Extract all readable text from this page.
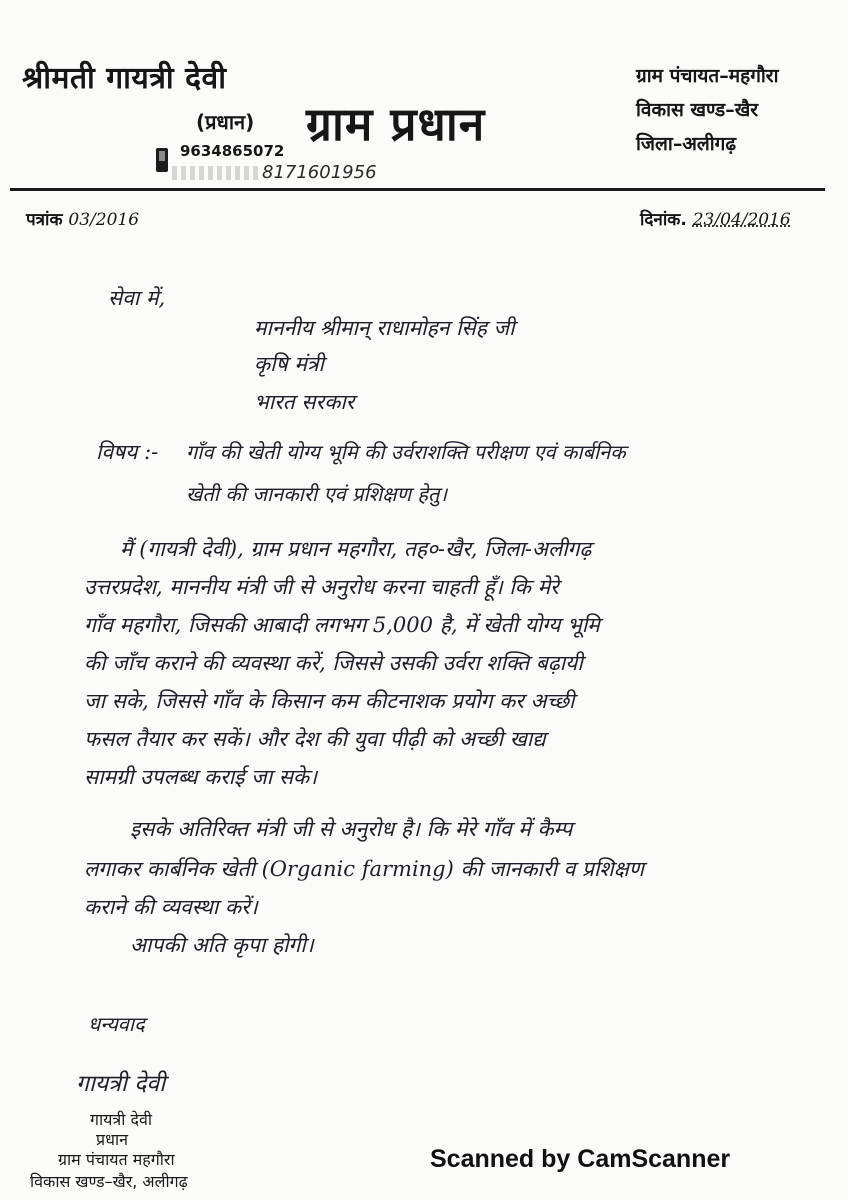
श्रीमती गायत्री देवी
(प्रधान) ग्राम प्रधान
9634865072
8171601956
ग्राम पंचायत–महगौरा
विकास खण्ड–खैर
जिला–अलीगढ़
पत्रांक 03/2016	दिनांक. 23/04/2016
सेवा में,
माननीय श्रीमान् राधामोहन सिंह जी
कृषि मंत्री
भारत सरकार
विषय :- गाँव की खेती योग्य भूमि की उर्वराशक्ति परीक्षण एवं कार्बनिक
खेती की जानकारी एवं प्रशिक्षण हेतु।
मैं (गायत्री देवी), ग्राम प्रधान महगौरा, तह०-खैर, जिला-अलीगढ़
उत्तरप्रदेश, माननीय मंत्री जी से अनुरोध करना चाहती हूँ। कि मेरे
गाँव महगौरा, जिसकी आबादी लगभग 5,000 है, में खेती योग्य भूमि
की जाँच कराने की व्यवस्था करें, जिससे उसकी उर्वरा शक्ति बढ़ायी
जा सके, जिससे गाँव के किसान कम कीटनाशक प्रयोग कर अच्छी
फसल तैयार कर सकें। और देश की युवा पीढ़ी को अच्छी खाद्य
सामग्री उपलब्ध कराई जा सके।
इसके अतिरिक्त मंत्री जी से अनुरोध है। कि मेरे गाँव में कैम्प
लगाकर कार्बनिक खेती (Organic farming) की जानकारी व प्रशिक्षण
कराने की व्यवस्था करें।
आपकी अति कृपा होगी।
धन्यवाद
गायत्री देवी
गायत्री देवी
प्रधान
ग्राम पंचायत महगौरा
विकास खण्ड–खैर, अलीगढ़
Scanned by CamScanner
